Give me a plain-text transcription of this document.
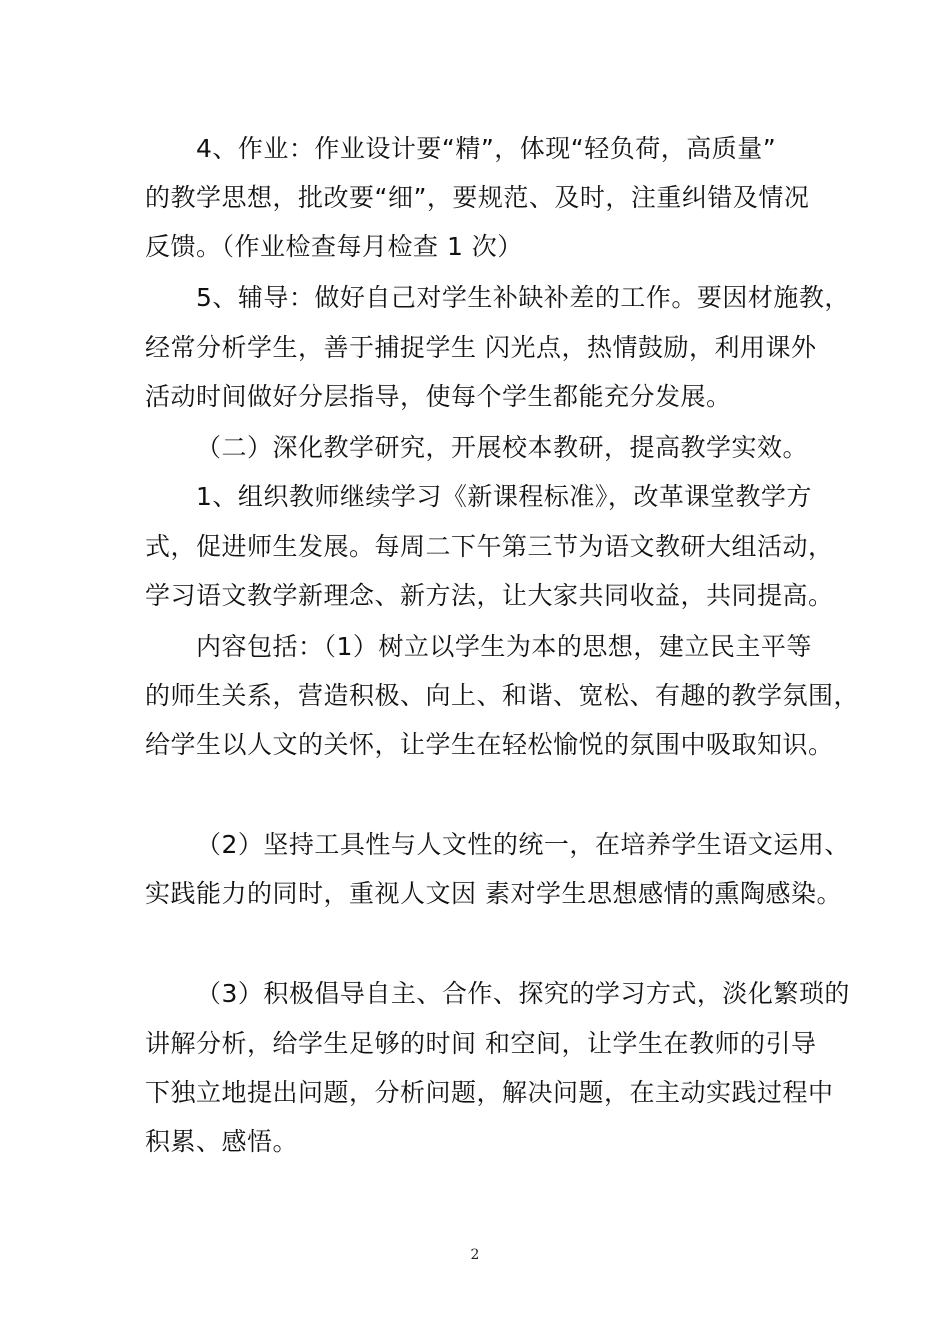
4、作业：作业设计要“精”，体现“轻负荷，高质量”
的教学思想，批改要“细”，要规范、及时，注重纠错及情况
反馈。（作业检查每月检查 1 次）
5、辅导：做好自己对学生补缺补差的工作。要因材施教，
经常分析学生，善于捕捉学生 闪光点，热情鼓励，利用课外
活动时间做好分层指导，使每个学生都能充分发展。
（二）深化教学研究，开展校本教研，提高教学实效。
1、组织教师继续学习《新课程标准》，改革课堂教学方
式，促进师生发展。每周二下午第三节为语文教研大组活动，
学习语文教学新理念、新方法，让大家共同收益，共同提高。
内容包括：（1）树立以学生为本的思想，建立民主平等
的师生关系，营造积极、向上、和谐、宽松、有趣的教学氛围，
给学生以人文的关怀，让学生在轻松愉悦的氛围中吸取知识。
（2）坚持工具性与人文性的统一，在培养学生语文运用、
实践能力的同时，重视人文因 素对学生思想感情的熏陶感染。
（3）积极倡导自主、合作、探究的学习方式，淡化繁琐的
讲解分析，给学生足够的时间 和空间，让学生在教师的引导
下独立地提出问题，分析问题，解决问题，在主动实践过程中
积累、感悟。
2
